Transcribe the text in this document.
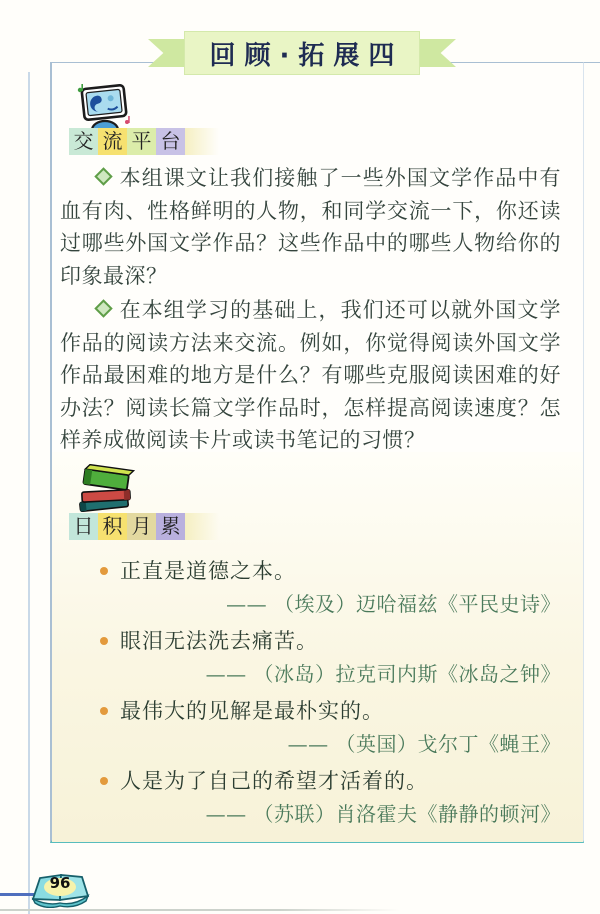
回顾·拓展四
交 流 平 台

本组课文让我们接触了一些外国文学作品中有血有肉、性格鲜明的人物，和同学交流一下，你还读过哪些外国文学作品？这些作品中的哪些人物给你的印象最深？

在本组学习的基础上，我们还可以就外国文学作品的阅读方法来交流。例如，你觉得阅读外国文学作品最困难的地方是什么？有哪些克服阅读困难的好办法？阅读长篇文学作品时，怎样提高阅读速度？怎样养成做阅读卡片或读书笔记的习惯？

日 积 月 累
正直是道德之本。
—— （埃及）迈哈福兹《平民史诗》
眼泪无法洗去痛苦。
—— （冰岛）拉克司内斯《冰岛之钟》
最伟大的见解是最朴实的。
—— （英国）戈尔丁《蝇王》
人是为了自己的希望才活着的。
—— （苏联）肖洛霍夫《静静的顿河》
96
